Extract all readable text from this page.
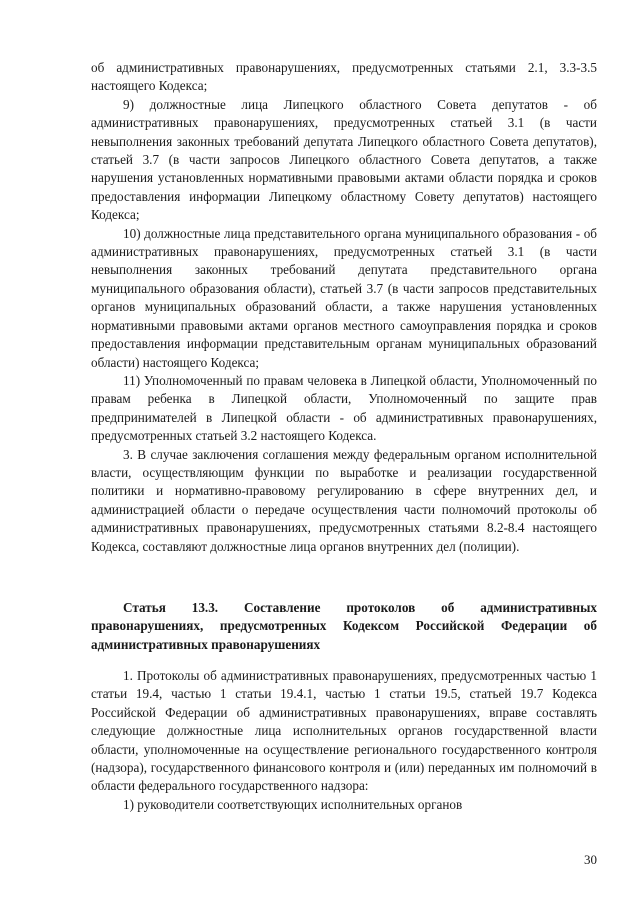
об административных правонарушениях, предусмотренных статьями 2.1, 3.3-3.5 настоящего Кодекса;

9) должностные лица Липецкого областного Совета депутатов - об административных правонарушениях, предусмотренных статьей 3.1 (в части невыполнения законных требований депутата Липецкого областного Совета депутатов), статьей 3.7 (в части запросов Липецкого областного Совета депутатов, а также нарушения установленных нормативными правовыми актами области порядка и сроков предоставления информации Липецкому областному Совету депутатов) настоящего Кодекса;

10) должностные лица представительного органа муниципального образования - об административных правонарушениях, предусмотренных статьей 3.1 (в части невыполнения законных требований депутата представительного органа муниципального образования области), статьей 3.7 (в части запросов представительных органов муниципальных образований области, а также нарушения установленных нормативными правовыми актами органов местного самоуправления порядка и сроков предоставления информации представительным органам муниципальных образований области) настоящего Кодекса;

11) Уполномоченный по правам человека в Липецкой области, Уполномоченный по правам ребенка в Липецкой области, Уполномоченный по защите прав предпринимателей в Липецкой области - об административных правонарушениях, предусмотренных статьей 3.2 настоящего Кодекса.

3. В случае заключения соглашения между федеральным органом исполнительной власти, осуществляющим функции по выработке и реализации государственной политики и нормативно-правовому регулированию в сфере внутренних дел, и администрацией области о передаче осуществления части полномочий протоколы об административных правонарушениях, предусмотренных статьями 8.2-8.4 настоящего Кодекса, составляют должностные лица органов внутренних дел (полиции).

Статья 13.3. Составление протоколов об административных правонарушениях, предусмотренных Кодексом Российской Федерации об административных правонарушениях

1. Протоколы об административных правонарушениях, предусмотренных частью 1 статьи 19.4, частью 1 статьи 19.4.1, частью 1 статьи 19.5, статьей 19.7 Кодекса Российской Федерации об административных правонарушениях, вправе составлять следующие должностные лица исполнительных органов государственной власти области, уполномоченные на осуществление регионального государственного контроля (надзора), государственного финансового контроля и (или) переданных им полномочий в области федерального государственного надзора:

1) руководители соответствующих исполнительных органов

30
